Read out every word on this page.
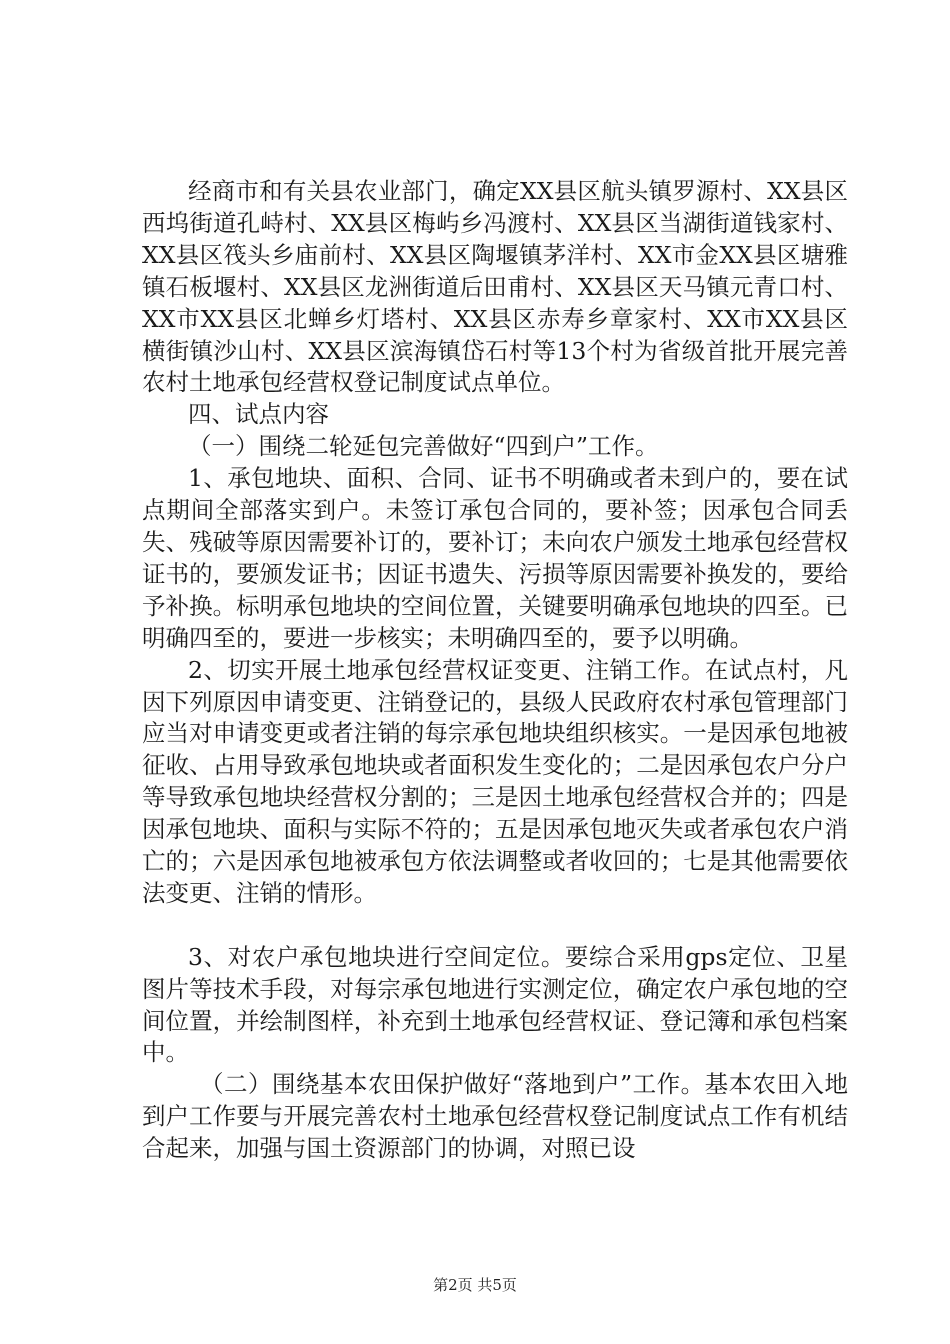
经商市和有关县农业部门，确定XX县区航头镇罗源村、XX县区西坞街道孔峙村、XX县区梅屿乡冯渡村、XX县区当湖街道钱家村、XX县区筏头乡庙前村、XX县区陶堰镇茅洋村、XX市金XX县区塘雅镇石板堰村、XX县区龙洲街道后田甫村、XX县区天马镇元青口村、XX市XX县区北蝉乡灯塔村、XX县区赤寿乡章家村、XX市XX县区横街镇沙山村、XX县区滨海镇岱石村等13个村为省级首批开展完善农村土地承包经营权登记制度试点单位。

四、试点内容

（一）围绕二轮延包完善做好“四到户”工作。

1、承包地块、面积、合同、证书不明确或者未到户的，要在试点期间全部落实到户。未签订承包合同的，要补签；因承包合同丢失、残破等原因需要补订的，要补订；未向农户颁发土地承包经营权证书的，要颁发证书；因证书遗失、污损等原因需要补换发的，要给予补换。标明承包地块的空间位置，关键要明确承包地块的四至。已明确四至的，要进一步核实；未明确四至的，要予以明确。

2、切实开展土地承包经营权证变更、注销工作。在试点村，凡因下列原因申请变更、注销登记的，县级人民政府农村承包管理部门应当对申请变更或者注销的每宗承包地块组织核实。一是因承包地被征收、占用导致承包地块或者面积发生变化的；二是因承包农户分户等导致承包地块经营权分割的；三是因土地承包经营权合并的；四是因承包地块、面积与实际不符的；五是因承包地灭失或者承包农户消亡的；六是因承包地被承包方依法调整或者收回的；七是其他需要依法变更、注销的情形。

3、对农户承包地块进行空间定位。要综合采用gps定位、卫星图片等技术手段，对每宗承包地进行实测定位，确定农户承包地的空间位置，并绘制图样，补充到土地承包经营权证、登记簿和承包档案中。

（二）围绕基本农田保护做好“落地到户”工作。基本农田入地到户工作要与开展完善农村土地承包经营权登记制度试点工作有机结合起来，加强与国土资源部门的协调，对照已设

第2页 共5页
